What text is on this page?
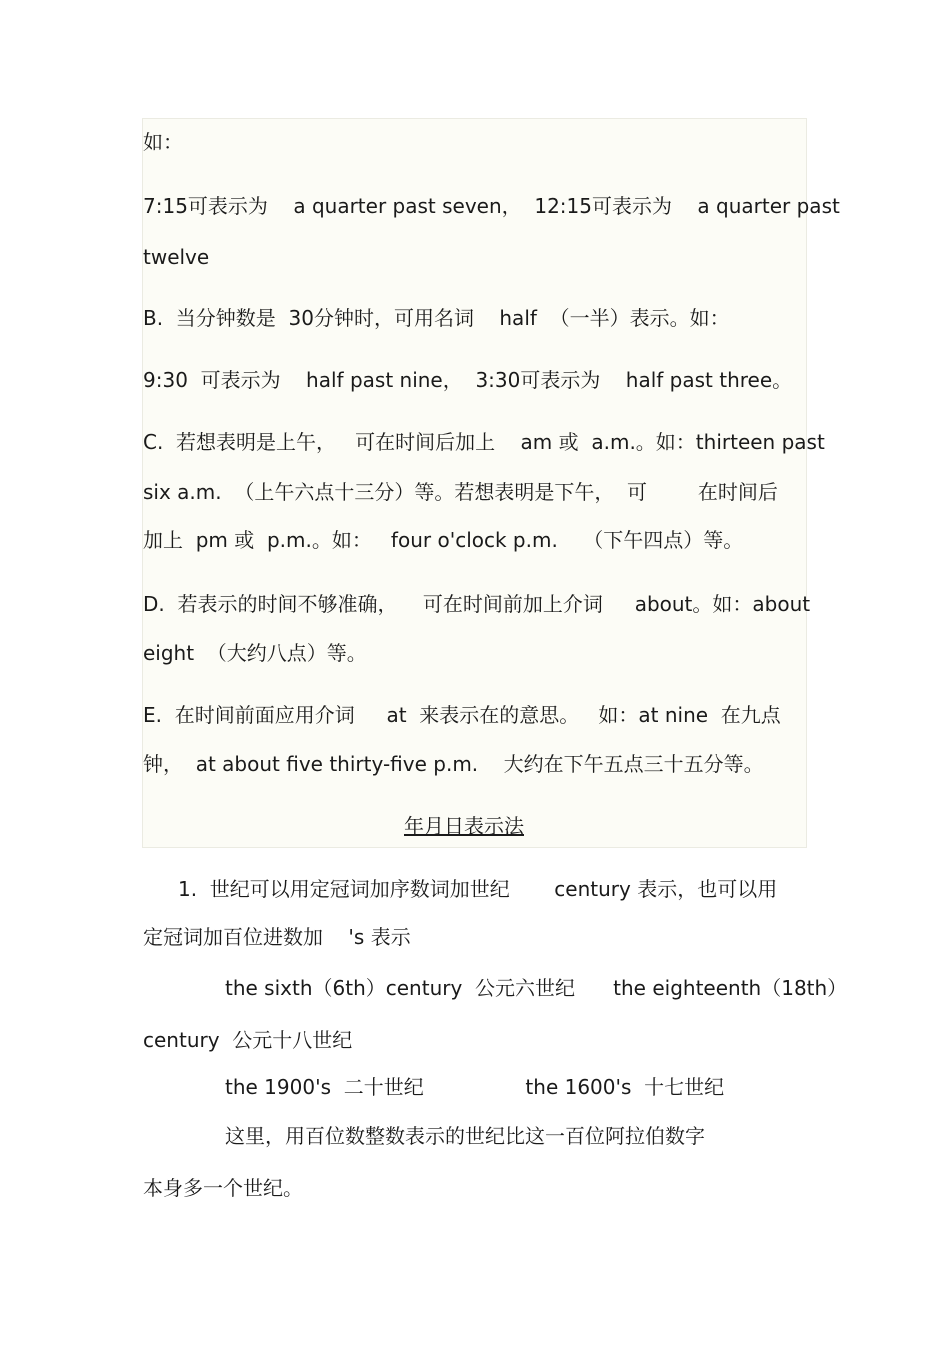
如：
7:15可表示为    a quarter past seven，  12:15可表示为    a quarter past
twelve
B.  当分钟数是  30分钟时，可用名词    half  （一半）表示。如：
9:30  可表示为    half past nine，  3:30可表示为    half past three。
C.  若想表明是上午，   可在时间后加上    am 或  a.m.。如：thirteen past
six a.m.  （上午六点十三分）等。若想表明是下午，  可        在时间后
加上  pm 或  p.m.。如：   four o'clock p.m.    （下午四点）等。
D.  若表示的时间不够准确，    可在时间前加上介词     about。如：about
eight  （大约八点）等。
E.  在时间前面应用介词     at  来表示在的意思。   如：at nine  在九点
钟，  at about five thirty-five p.m.    大约在下午五点三十五分等。
年月日表示法
1.  世纪可以用定冠词加序数词加世纪       century 表示，也可以用
定冠词加百位进数加    's 表示
the sixth（6th）century  公元六世纪      the eighteenth（18th）
century  公元十八世纪
the 1900's  二十世纪                the 1600's  十七世纪
这里，用百位数整数表示的世纪比这一百位阿拉伯数字
本身多一个世纪。
